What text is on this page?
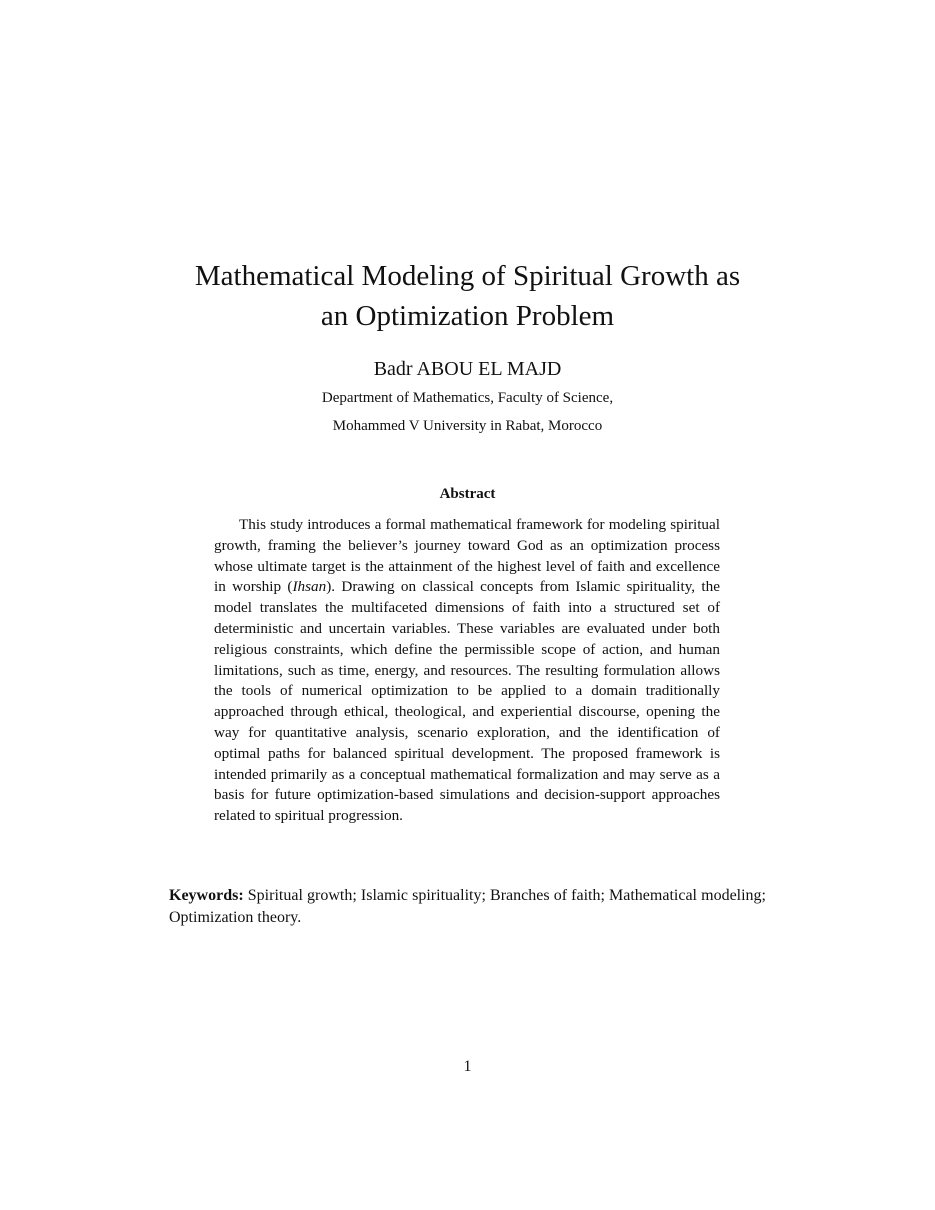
Mathematical Modeling of Spiritual Growth as
an Optimization Problem
Badr ABOU EL MAJD
Department of Mathematics, Faculty of Science,
Mohammed V University in Rabat, Morocco
Abstract

This study introduces a formal mathematical framework for modeling spiritual growth, framing the believer’s journey toward God as an optimization process whose ultimate target is the attainment of the highest level of faith and excellence in worship (Ihsan). Drawing on classical concepts from Islamic spirituality, the model translates the multifaceted dimensions of faith into a structured set of deterministic and uncertain variables. These variables are evaluated under both religious constraints, which define the permissible scope of action, and human limitations, such as time, energy, and resources. The resulting formulation allows the tools of numerical optimization to be applied to a domain traditionally approached through ethical, theological, and experiential discourse, opening the way for quantitative analysis, scenario exploration, and the identification of optimal paths for balanced spiritual development. The proposed framework is intended primarily as a conceptual mathematical formalization and may serve as a basis for future optimization-based simulations and decision-support approaches related to spiritual progression.

Keywords: Spiritual growth; Islamic spirituality; Branches of faith; Mathematical modeling; Optimization theory.

1
